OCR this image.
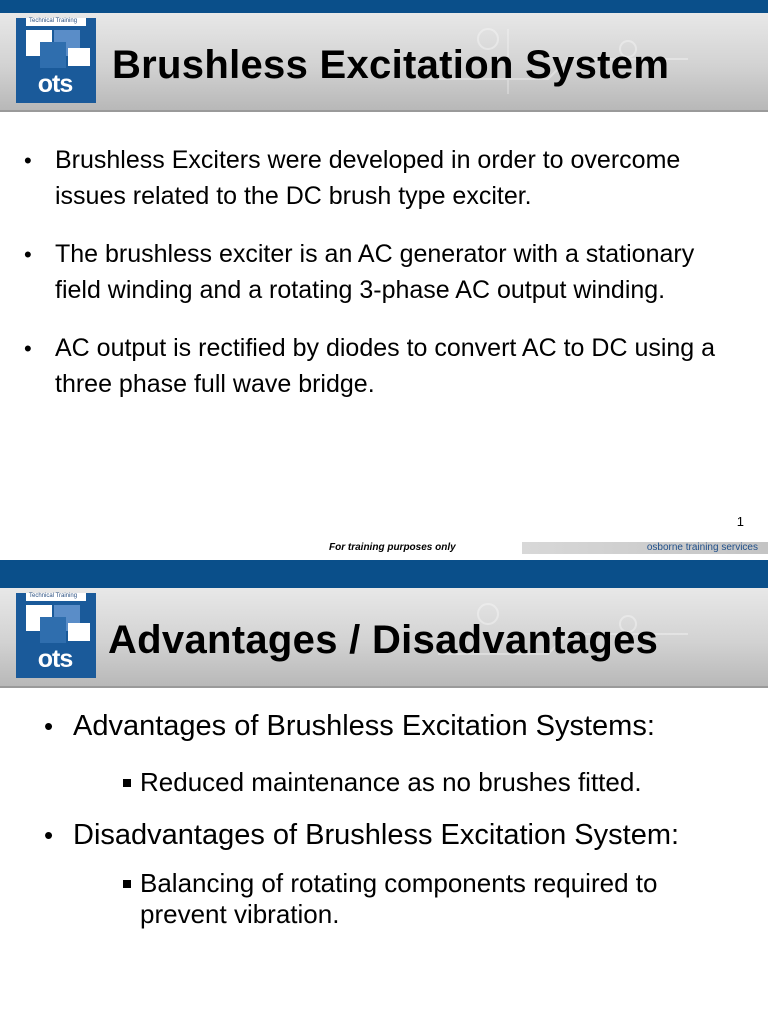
Technical Training
ots Brushless Excitation System
• Brushless Exciters were developed in order to overcome issues related to the DC brush type exciter.
• The brushless exciter is an AC generator with a stationary field winding and a rotating 3-phase AC output winding.
• AC output is rectified by diodes to convert AC to DC using a three phase full wave bridge.
1
For training purposes only	osborne training services
Technical Training
ots Advantages / Disadvantages
• Advantages of Brushless Excitation Systems:
Reduced maintenance as no brushes fitted.
• Disadvantages of Brushless Excitation System:
Balancing of rotating components required to prevent vibration.
